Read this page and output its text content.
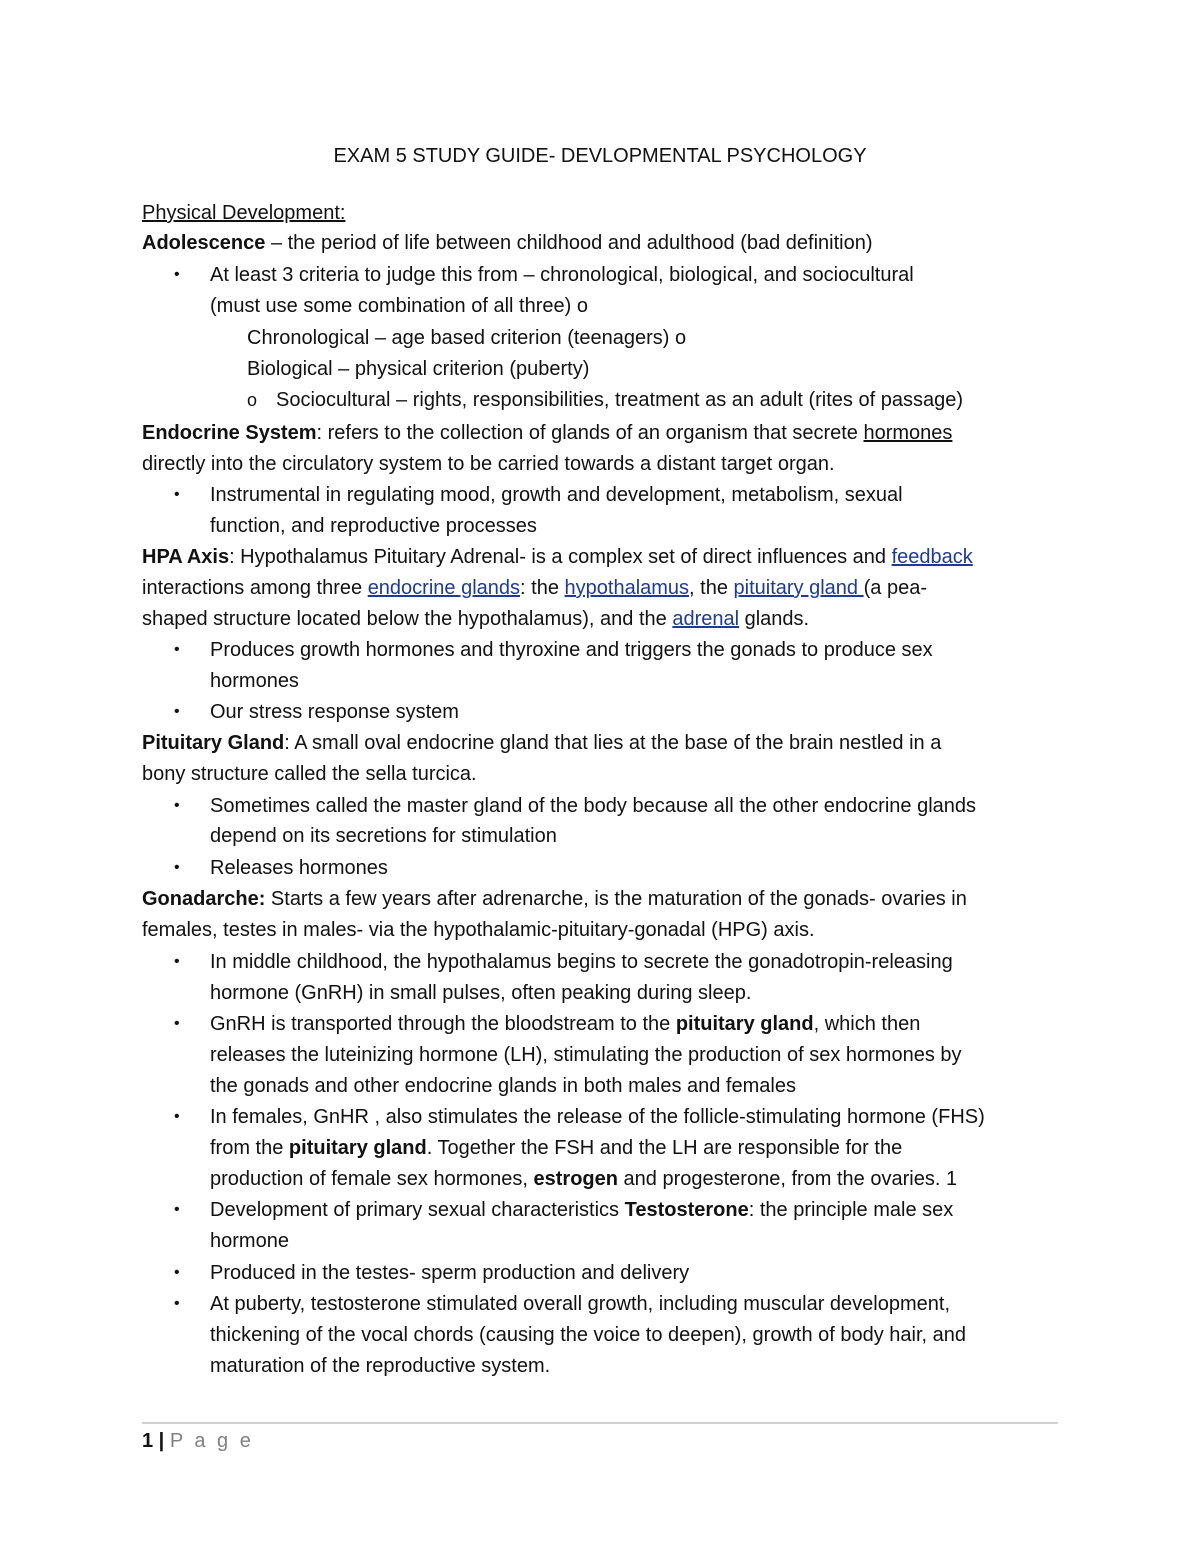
EXAM 5 STUDY GUIDE- DEVLOPMENTAL PSYCHOLOGY
Physical Development:
Adolescence – the period of life between childhood and adulthood (bad definition)
• At least 3 criteria to judge this from – chronological, biological, and sociocultural
(must use some combination of all three) o
Chronological – age based criterion (teenagers) o
Biological – physical criterion (puberty)
o Sociocultural – rights, responsibilities, treatment as an adult (rites of passage)
Endocrine System: refers to the collection of glands of an organism that secrete hormones
directly into the circulatory system to be carried towards a distant target organ.
• Instrumental in regulating mood, growth and development, metabolism, sexual
function, and reproductive processes
HPA Axis: Hypothalamus Pituitary Adrenal- is a complex set of direct influences and feedback
interactions among three endocrine glands: the hypothalamus, the pituitary gland (a pea-
shaped structure located below the hypothalamus), and the adrenal glands.
• Produces growth hormones and thyroxine and triggers the gonads to produce sex
hormones
• Our stress response system
Pituitary Gland: A small oval endocrine gland that lies at the base of the brain nestled in a
bony structure called the sella turcica.
• Sometimes called the master gland of the body because all the other endocrine glands
depend on its secretions for stimulation
• Releases hormones
Gonadarche: Starts a few years after adrenarche, is the maturation of the gonads- ovaries in
females, testes in males- via the hypothalamic-pituitary-gonadal (HPG) axis.
• In middle childhood, the hypothalamus begins to secrete the gonadotropin-releasing
hormone (GnRH) in small pulses, often peaking during sleep.
• GnRH is transported through the bloodstream to the pituitary gland, which then
releases the luteinizing hormone (LH), stimulating the production of sex hormones by
the gonads and other endocrine glands in both males and females
• In females, GnHR , also stimulates the release of the follicle-stimulating hormone (FHS)
from the pituitary gland. Together the FSH and the LH are responsible for the
production of female sex hormones, estrogen and progesterone, from the ovaries. 1
• Development of primary sexual characteristics Testosterone: the principle male sex
hormone
• Produced in the testes- sperm production and delivery
• At puberty, testosterone stimulated overall growth, including muscular development,
thickening of the vocal chords (causing the voice to deepen), growth of body hair, and
maturation of the reproductive system.
1 | P a g e
